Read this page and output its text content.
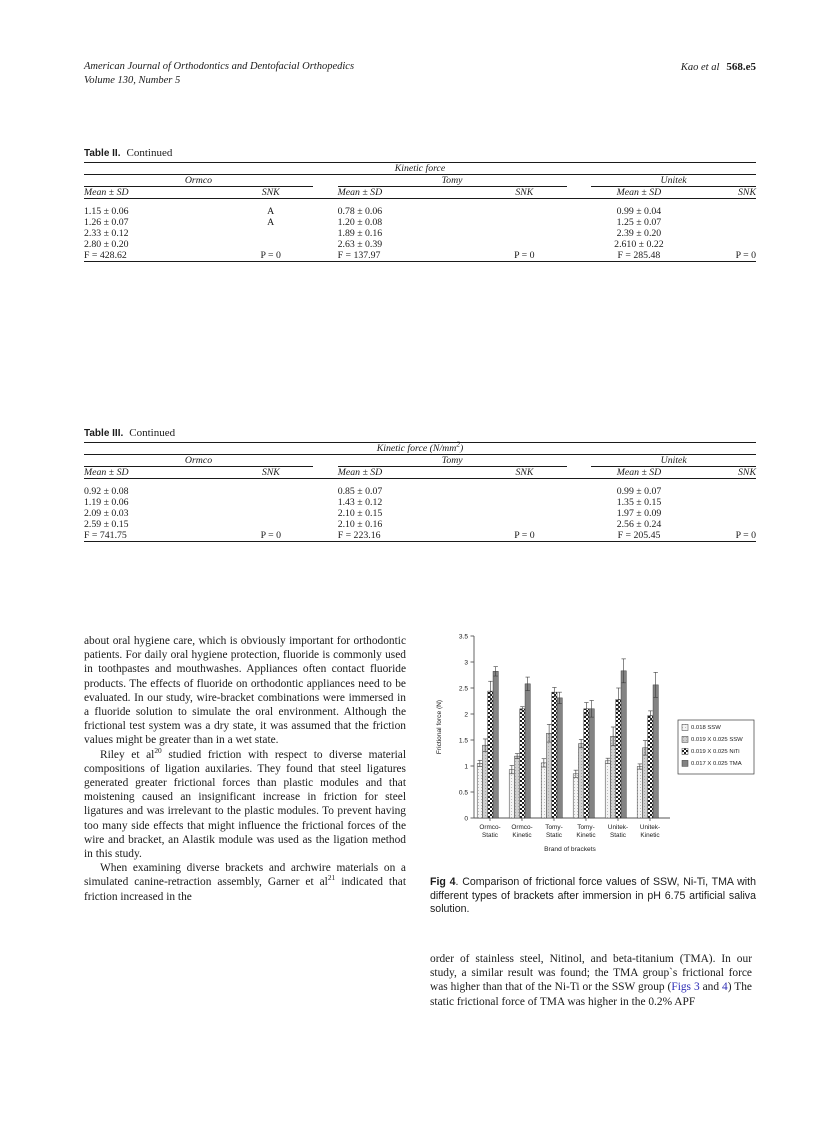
American Journal of Orthodontics and Dentofacial Orthopedics
Volume 130, Number 5
Kao et al 568.e5
Table II. Continued
Kinetic force							
Ormco			Tomy			Unitek	
Mean ± SD	SNK		Mean ± SD	SNK		Mean ± SD	SNK

1.15 ± 0.06	A		0.78 ± 0.06			0.99 ± 0.04	
1.26 ± 0.07	A		1.20 ± 0.08			1.25 ± 0.07	
2.33 ± 0.12			1.89 ± 0.16			2.39 ± 0.20	
2.80 ± 0.20			2.63 ± 0.39			2.610 ± 0.22	
F = 428.62	P = 0		F = 137.97	P = 0		F = 285.48	P = 0
Table III. Continued
Kinetic force $(N/mm^2)$							
Ormco			Tomy			Unitek	
Mean ± SD	SNK		Mean ± SD	SNK		Mean ± SD	SNK

0.92 ± 0.08			0.85 ± 0.07			0.99 ± 0.07	
1.19 ± 0.06			1.43 ± 0.12			1.35 ± 0.15	
2.09 ± 0.03			2.10 ± 0.15			1.97 ± 0.09	
2.59 ± 0.15			2.10 ± 0.16			2.56 ± 0.24	
F = 741.75	P = 0		F = 223.16	P = 0		F = 205.45	P = 0

about oral hygiene care, which is obviously important for orthodontic patients. For daily oral hygiene protection, fluoride is commonly used in toothpastes and mouthwashes. Appliances often contact fluoride products. The effects of fluoride on orthodontic appliances need to be evaluated. In our study, wire-bracket combinations were immersed in a fluoride solution to simulate the oral environment. Although the frictional test system was a dry state, it was assumed that the friction values might be greater than in a wet state.

Riley et $al^{20}$ studied friction with respect to diverse material compositions of ligation auxilaries. They found that steel ligatures generated greater frictional forces than plastic modules and that moistening caused an insignificant increase in friction for steel ligatures and was irrelevant to the plastic modules. To prevent having too many side effects that might influence the frictional forces of the wire and bracket, an Alastik module was used as the ligation method in this study.

When examining diverse brackets and archwire materials on a simulated canine-retraction assembly, Garner et $al^{21}$ indicated that friction increased in the

0
0.5
1
1.5
2
2.5
3
3.5
Frictional force (N)
Ormco-
Static
Ormco-
Kinetic
Tomy-
Static
Tomy-
Kinetic
Unitek-
Static
Unitek-
Kinetic
Brand of brackets
0.018 SSW
0.019 X 0.025 SSW
0.019 X 0.025 NiTi
0.017 X 0.025 TMA
Fig 4. Comparison of frictional force values of SSW, Ni-Ti, TMA with different types of brackets after immersion in pH 6.75 artificial saliva solution.

order of stainless steel, Nitinol, and beta-titanium (TMA). In our study, a similar result was found; the TMA group`s frictional force was higher than that of the Ni-Ti or the SSW group (Figs 3 and 4) The static frictional force of TMA was higher in the 0.2% APF
